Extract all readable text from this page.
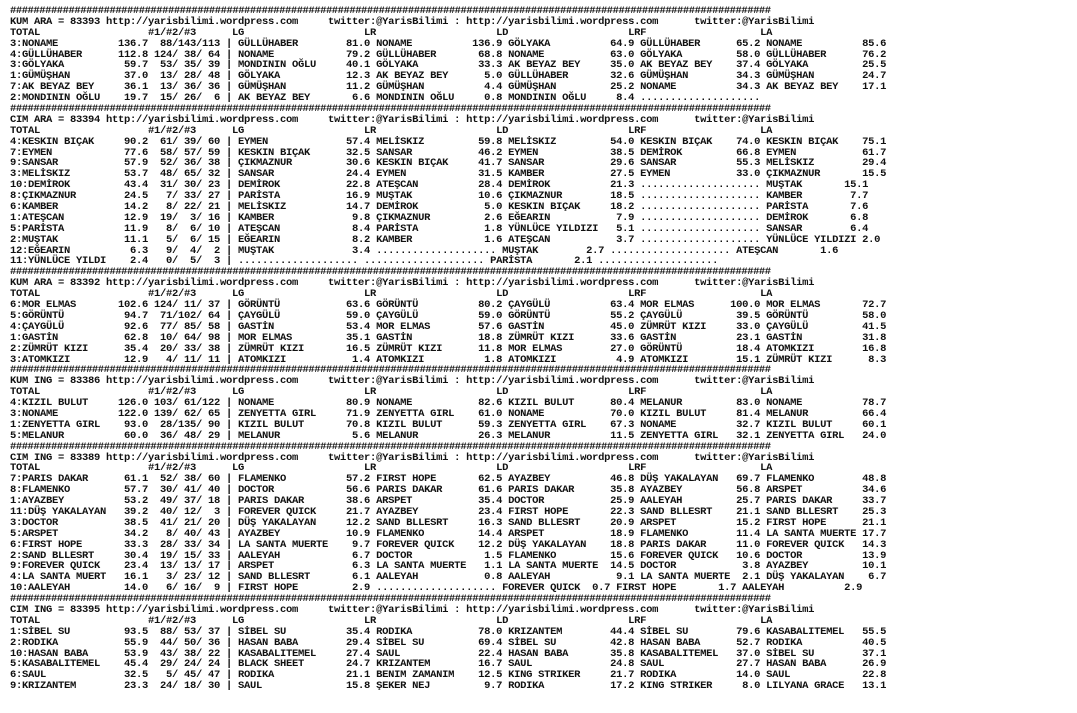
##################################################################################################################################
KUM ARA = 83393 http://yarisbilimi.wordpress.com     twitter:@YarisBilimi : http://yarisbilimi.wordpress.com      twitter:@YarisBilimi
TOTAL                  #1/#2/#3      LG                    LR                    LD                    LRF                   LA
3:NONAME          136.7  88/143/113 | GÜLLÜHABER        81.0 NONAME          136.9 GÖLYAKA          64.9 GÜLLÜHABER      65.2 NONAME          85.6
4:GÜLLÜHABER      112.8 124/ 38/ 64 | NONAME            79.2 GÜLLÜHABER       68.8 NONAME           63.0 GÖLYAKA         58.0 GÜLLÜHABER      76.2
3:GÖLYAKA          59.7  53/ 35/ 39 | MONDININ OĞLU     40.1 GÖLYAKA          33.3 AK BEYAZ BEY     35.0 AK BEYAZ BEY    37.4 GÖLYAKA         25.5
1:GÜMÜŞHAN         37.0  13/ 28/ 48 | GÖLYAKA           12.3 AK BEYAZ BEY      5.0 GÜLLÜHABER       32.6 GÜMÜŞHAN        34.3 GÜMÜŞHAN        24.7
7:AK BEYAZ BEY     36.1  13/ 36/ 36 | GÜMÜŞHAN          11.2 GÜMÜŞHAN          4.4 GÜMÜŞHAN         25.2 NONAME          34.3 AK BEYAZ BEY    17.1
2:MONDININ OĞLU    19.7  15/ 26/  6 | AK BEYAZ BEY       6.6 MONDININ OĞLU     0.8 MONDININ OĞLU     8.4 ....................
##################################################################################################################################
CIM ARA = 83394 http://yarisbilimi.wordpress.com     twitter:@YarisBilimi : http://yarisbilimi.wordpress.com      twitter:@YarisBilimi
TOTAL                  #1/#2/#3      LG                    LR                    LD                    LRF                   LA
4:KESKIN BIÇAK     90.2  61/ 39/ 60 | EYMEN             57.4 MELİSKIZ         59.8 MELİSKIZ         54.0 KESKIN BIÇAK    74.0 KESKIN BIÇAK    75.1
7:EYMEN            77.6  58/ 57/ 59 | KESKIN BIÇAK      32.5 SANSAR           46.2 EYMEN            38.5 DEMİROK         66.8 EYMEN           61.7
9:SANSAR           57.9  52/ 36/ 38 | ÇIKMAZNUR         30.6 KESKIN BIÇAK     41.7 SANSAR           29.6 SANSAR          55.3 MELİSKIZ        29.4
3:MELİSKIZ         53.7  48/ 65/ 32 | SANSAR            24.4 EYMEN            31.5 KAMBER           27.5 EYMEN           33.0 ÇIKMAZNUR       15.5
10:DEMİROK         43.4  31/ 30/ 23 | DEMİROK           22.8 ATEŞCAN          28.4 DEMİROK          21.3 .................... MUŞTAK       15.1
8:ÇIKMAZNUR        24.5   7/ 33/ 27 | PARİSTA           16.9 MUŞTAK           10.6 ÇIKMAZNUR        18.5 .................... KAMBER        7.7
6:KAMBER           14.2   8/ 22/ 21 | MELİSKIZ          14.7 DEMİROK           5.0 KESKIN BIÇAK     18.2 .................... PARİSTA       7.6
1:ATEŞCAN          12.9  19/  3/ 16 | KAMBER             9.8 ÇIKMAZNUR         2.6 EĞEARIN           7.9 .................... DEMİROK       6.8
5:PARİSTA          11.9   8/  6/ 10 | ATEŞCAN            8.4 PARİSTA           1.8 YÜNLÜCE YILDIZI   5.1 .................... SANSAR        6.4
2:MUŞTAK           11.1   5/  6/ 15 | EĞEARIN            8.2 KAMBER            1.6 ATEŞCAN           3.7 .................... YÜNLÜCE YILDIZI 2.0
12:EĞEARIN          6.3   9/  4/  2 | MUŞTAK             3.4 .................... MUŞTAK        2.7 .................... ATEŞCAN       1.6
11:YÜNLÜCE YILDI    2.4   0/  5/  3 | .................... .................... PARİSTA       2.1 ....................
##################################################################################################################################
KUM ARA = 83392 http://yarisbilimi.wordpress.com     twitter:@YarisBilimi : http://yarisbilimi.wordpress.com      twitter:@YarisBilimi
TOTAL                  #1/#2/#3      LG                    LR                    LD                    LRF                   LA
6:MOR ELMAS       102.6 124/ 11/ 37 | GÖRÜNTÜ           63.6 GÖRÜNTÜ          80.2 ÇAYGÜLÜ          63.4 MOR ELMAS      100.0 MOR ELMAS       72.7
5:GÖRÜNTÜ          94.7  71/102/ 64 | ÇAYGÜLÜ           59.0 ÇAYGÜLÜ          59.0 GÖRÜNTÜ          55.2 ÇAYGÜLÜ         39.5 GÖRÜNTÜ         58.0
4:ÇAYGÜLÜ          92.6  77/ 85/ 58 | GASTİN            53.4 MOR ELMAS        57.6 GASTİN           45.0 ZÜMRÜT KIZI     33.0 ÇAYGÜLÜ         41.5
1:GASTİN           62.8  10/ 64/ 98 | MOR ELMAS         35.1 GASTİN           18.8 ZÜMRÜT KIZI      33.6 GASTİN          23.1 GASTİN          31.8
2:ZÜMRÜT KIZI      35.4  20/ 33/ 38 | ZÜMRÜT KIZI       16.5 ZÜMRÜT KIZI      11.8 MOR ELMAS        27.0 GÖRÜNTÜ         18.4 ATOMKIZI        16.8
3:ATOMKIZI         12.9   4/ 11/ 11 | ATOMKIZI           1.4 ATOMKIZI          1.8 ATOMKIZI          4.9 ATOMKIZI        15.1 ZÜMRÜT KIZI      8.3
##################################################################################################################################
KUM ING = 83386 http://yarisbilimi.wordpress.com     twitter:@YarisBilimi : http://yarisbilimi.wordpress.com      twitter:@YarisBilimi
TOTAL                  #1/#2/#3      LG                    LR                    LD                    LRF                   LA
4:KIZIL BULUT     126.0 103/ 61/122 | NONAME            80.9 NONAME           82.6 KIZIL BULUT      80.4 MELANUR         83.0 NONAME          78.7
3:NONAME          122.0 139/ 62/ 65 | ZENYETTA GIRL     71.9 ZENYETTA GIRL    61.0 NONAME           70.0 KIZIL BULUT     81.4 MELANUR         66.4
1:ZENYETTA GIRL    93.0  28/135/ 90 | KIZIL BULUT       70.8 KIZIL BULUT      59.3 ZENYETTA GIRL    67.3 NONAME          32.7 KIZIL BULUT     60.1
5:MELANUR          60.0  36/ 48/ 29 | MELANUR            5.6 MELANUR          26.3 MELANUR          11.5 ZENYETTA GIRL   32.1 ZENYETTA GIRL   24.0
##################################################################################################################################
CIM ING = 83389 http://yarisbilimi.wordpress.com     twitter:@YarisBilimi : http://yarisbilimi.wordpress.com      twitter:@YarisBilimi
TOTAL                  #1/#2/#3      LG                    LR                    LD                    LRF                   LA
7:PARIS DAKAR      61.1  52/ 38/ 60 | FLAMENKO          57.2 FIRST HOPE       62.5 AYAZBEY          46.8 DÜŞ YAKALAYAN   69.7 FLAMENKO        48.8
8:FLAMENKO         57.7  30/ 41/ 40 | DOCTOR            56.6 PARIS DAKAR      61.6 PARIS DAKAR      35.8 AYAZBEY         56.8 ARSPET          34.6
1:AYAZBEY          53.2  49/ 37/ 18 | PARIS DAKAR       38.6 ARSPET           35.4 DOCTOR           25.9 AALEYAH         25.7 PARIS DAKAR     33.7
11:DÜŞ YAKALAYAN   39.2  40/ 12/  3 | FOREVER QUICK     21.7 AYAZBEY          23.4 FIRST HOPE       22.3 SAND BLLESRT    21.1 SAND BLLESRT    25.3
3:DOCTOR           38.5  41/ 21/ 20 | DÜŞ YAKALAYAN     12.2 SAND BLLESRT     16.3 SAND BLLESRT     20.9 ARSPET          15.2 FIRST HOPE      21.1
5:ARSPET           34.2   8/ 40/ 43 | AYAZBEY           10.9 FLAMENKO         14.4 ARSPET           18.9 FLAMENKO        11.4 LA SANTA MUERTE 17.7
6:FIRST HOPE       33.3  28/ 33/ 34 | LA SANTA MUERTE    9.7 FOREVER QUICK    12.2 DÜŞ YAKALAYAN    18.8 PARIS DAKAR     11.0 FOREVER QUICK   14.3
2:SAND BLLESRT     30.4  19/ 15/ 33 | AALEYAH            6.7 DOCTOR            1.5 FLAMENKO         15.6 FOREVER QUICK   10.6 DOCTOR          13.9
9:FOREVER QUICK    23.4  13/ 13/ 17 | ARSPET             6.3 LA SANTA MUERTE   1.1 LA SANTA MUERTE  14.5 DOCTOR           3.8 AYAZBEY         10.1
4:LA SANTA MUERT   16.1   3/ 23/ 12 | SAND BLLESRT       6.1 AALEYAH           0.8 AALEYAH           9.1 LA SANTA MUERTE  2.1 DÜŞ YAKALAYAN    6.7
10:AALEYAH         14.0   6/ 16/  9 | FIRST HOPE         2.9 .................... FOREVER QUICK  0.7 FIRST HOPE       1.7 AALEYAH          2.9
##################################################################################################################################
CIM ING = 83395 http://yarisbilimi.wordpress.com     twitter:@YarisBilimi : http://yarisbilimi.wordpress.com      twitter:@YarisBilimi
TOTAL                  #1/#2/#3      LG                    LR                    LD                    LRF                   LA
1:SİBEL SU         93.5  88/ 53/ 37 | SİBEL SU          35.4 RODIKA           78.0 KRIZANTEM        44.4 SİBEL SU        79.6 KASABALITEMEL   55.5
2:RODIKA           55.9  44/ 50/ 36 | HASAN BABA        29.4 SİBEL SU         69.4 SİBEL SU         42.8 HASAN BABA      52.7 RODIKA          40.5
10:HASAN BABA      53.9  43/ 38/ 22 | KASABALITEMEL     27.4 SAUL             22.4 HASAN BABA       35.8 KASABALITEMEL   37.0 SİBEL SU        37.1
5:KASABALITEMEL    45.4  29/ 24/ 24 | BLACK SHEET       24.7 KRIZANTEM        16.7 SAUL             24.8 SAUL            27.7 HASAN BABA      26.9
6:SAUL             32.5   5/ 45/ 47 | RODIKA            21.1 BENIM ZAMANIM    12.5 KING STRIKER     21.7 RODIKA          14.0 SAUL            22.8
9:KRIZANTEM        23.3  24/ 18/ 30 | SAUL              15.8 ŞEKER NEJ         9.7 RODIKA           17.2 KING STRIKER     8.0 LILYANA GRACE   13.1
